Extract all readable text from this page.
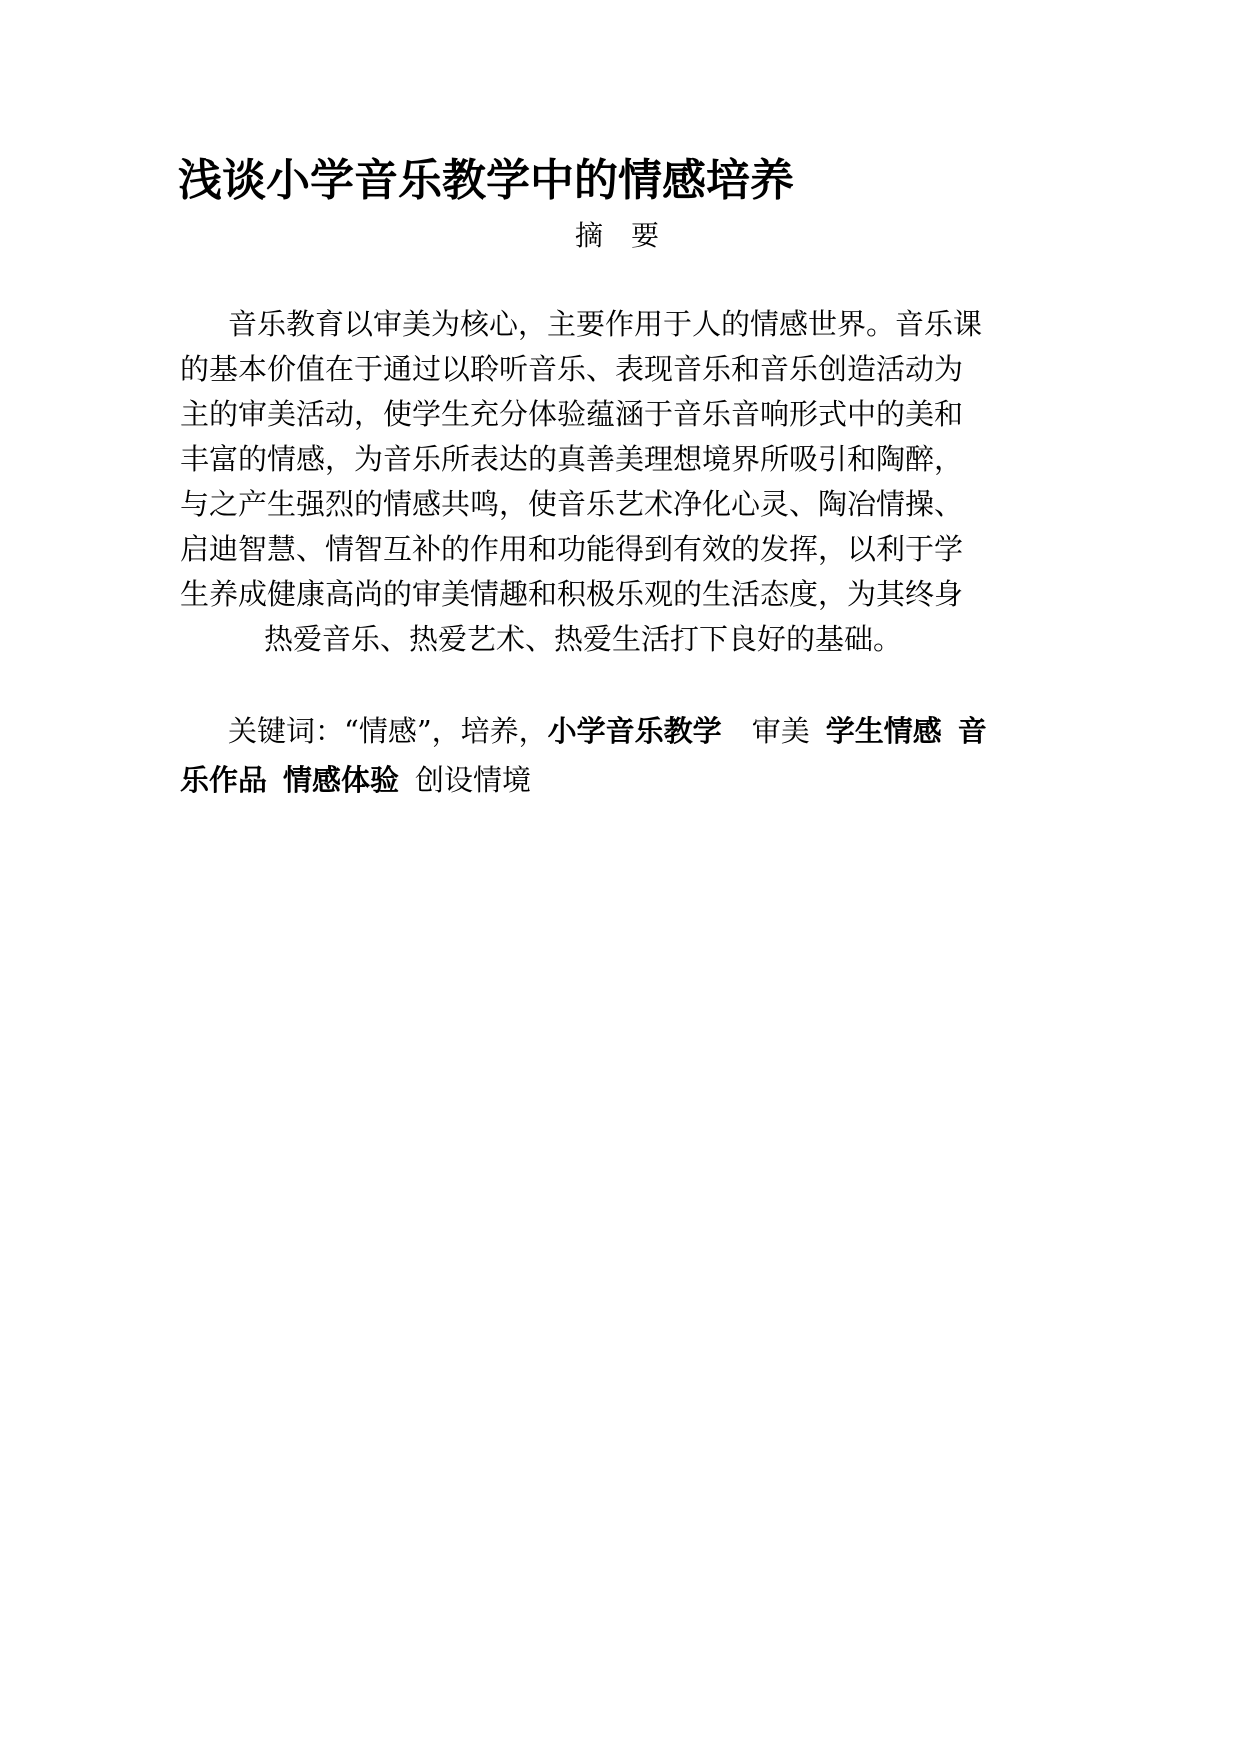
浅谈小学音乐教学中的情感培养
摘要

音乐教育以审美为核心，主要作用于人的情感世界。音乐课

的基本价值在于通过以聆听音乐、表现音乐和音乐创造活动为

主的审美活动，使学生充分体验蕴涵于音乐音响形式中的美和

丰富的情感，为音乐所表达的真善美理想境界所吸引和陶醉，

与之产生强烈的情感共鸣，使音乐艺术净化心灵、陶冶情操、

启迪智慧、情智互补的作用和功能得到有效的发挥，以利于学

生养成健康高尚的审美情趣和积极乐观的生活态度，为其终身

热爱音乐、热爱艺术、热爱生活打下良好的基础。

关键词：“情感”，培养，小学音乐教学 审美 学生情感 音
乐作品 情感体验 创设情境
